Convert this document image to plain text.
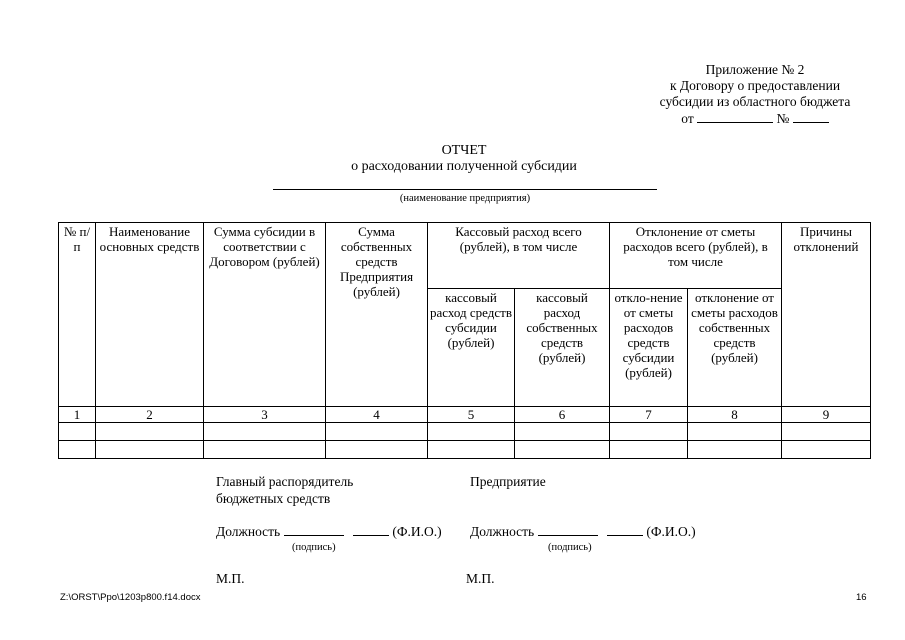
Приложение № 2
к Договору о предоставлении
субсидии из областного бюджета
от	№
ОТЧЕТ
о расходовании полученной субсидии
(наименование предприятия)
№ п/п	Наименование основных средств	Сумма субсидии в соответствии с Договором (рублей)	Сумма собственных средств Предприятия (рублей)	Кассовый расход всего (рублей), в том числе		Отклонение от сметы расходов всего (рублей), в том числе		Причины отклонений
				кассовый расход средств субсидии (рублей)	кассовый расход собственных средств (рублей)	откло-нение от сметы расходов средств субсидии (рублей)	отклонение от сметы расходов собственных средств (рублей)	
1	2	3	4	5	6	7	8	9

Главный распорядитель
бюджетных средств
Должность	(Ф.И.О.)
(подпись)
М.П.
Предприятие
Должность	(Ф.И.О.)
(подпись)
М.П.
Z:\ORST\Ppo\1203p800.f14.docx	16
